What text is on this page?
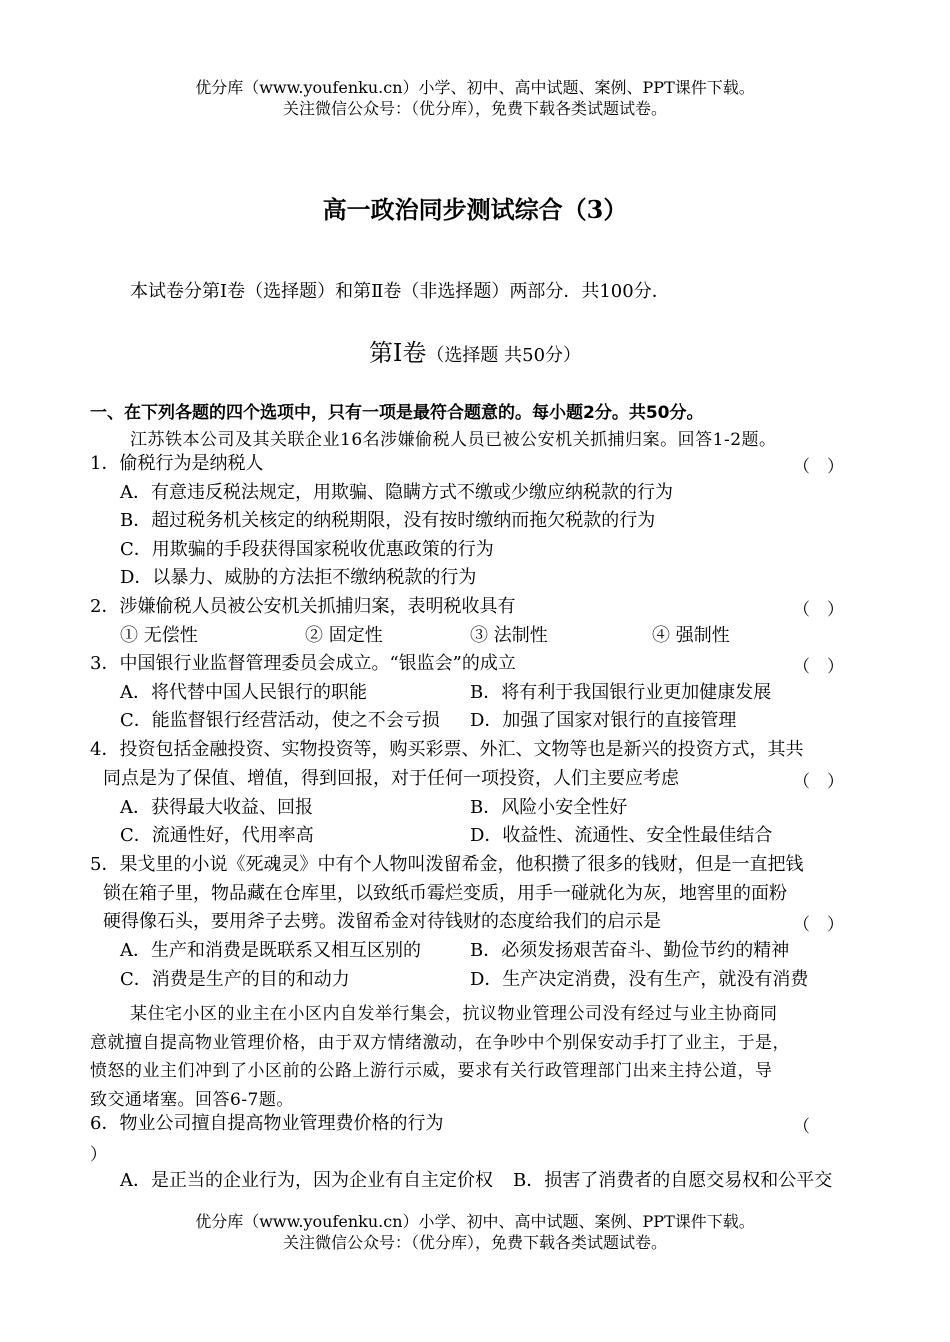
优分库（www.youfenku.cn）小学、初中、高中试题、案例、PPT课件下载。
关注微信公众号：（优分库），免费下载各类试题试卷。
高一政治同步测试综合（3）
本试卷分第Ⅰ卷（选择题）和第Ⅱ卷（非选择题）两部分．共100分．
第Ⅰ卷（选择题 共50分）
一、在下列各题的四个选项中，只有一项是最符合题意的。每小题2分。共50分。
江苏铁本公司及其关联企业16名涉嫌偷税人员已被公安机关抓捕归案。回答1-2题。
1．偷税行为是纳税人	（　）
A．有意违反税法规定，用欺骗、隐瞒方式不缴或少缴应纳税款的行为
B．超过税务机关核定的纳税期限，没有按时缴纳而拖欠税款的行为
C．用欺骗的手段获得国家税收优惠政策的行为
D．以暴力、威胁的方法拒不缴纳税款的行为
2．涉嫌偷税人员被公安机关抓捕归案，表明税收具有	（　）
① 无偿性	② 固定性	③ 法制性	④ 强制性
3．中国银行业监督管理委员会成立。“银监会”的成立	（　）
A．将代替中国人民银行的职能	B．将有利于我国银行业更加健康发展
C．能监督银行经营活动，使之不会亏损 D．加强了国家对银行的直接管理
4．投资包括金融投资、实物投资等，购买彩票、外汇、文物等也是新兴的投资方式，其共
同点是为了保值、增值，得到回报，对于任何一项投资，人们主要应考虑	（　）
A．获得最大收益、回报	B．风险小安全性好
C．流通性好，代用率高	D．收益性、流通性、安全性最佳结合
5．果戈里的小说《死魂灵》中有个人物叫泼留希金，他积攒了很多的钱财，但是一直把钱
锁在箱子里，物品藏在仓库里，以致纸币霉烂变质，用手一碰就化为灰，地窖里的面粉
硬得像石头，要用斧子去劈。泼留希金对待钱财的态度给我们的启示是	（　）
A．生产和消费是既联系又相互区别的	B．必须发扬艰苦奋斗、勤俭节约的精神
C．消费是生产的目的和动力	D．生产决定消费，没有生产，就没有消费
某住宅小区的业主在小区内自发举行集会，抗议物业管理公司没有经过与业主协商同
意就擅自提高物业管理价格，由于双方情绪激动，在争吵中个别保安动手打了业主，于是，
愤怒的业主们冲到了小区前的公路上游行示威，要求有关行政管理部门出来主持公道，导
致交通堵塞。回答6-7题。
6．物业公司擅自提高物业管理费价格的行为	（
）
A．是正当的企业行为，因为企业有自主定价权 B．损害了消费者的自愿交易权和公平交
优分库（www.youfenku.cn）小学、初中、高中试题、案例、PPT课件下载。
关注微信公众号：（优分库），免费下载各类试题试卷。
